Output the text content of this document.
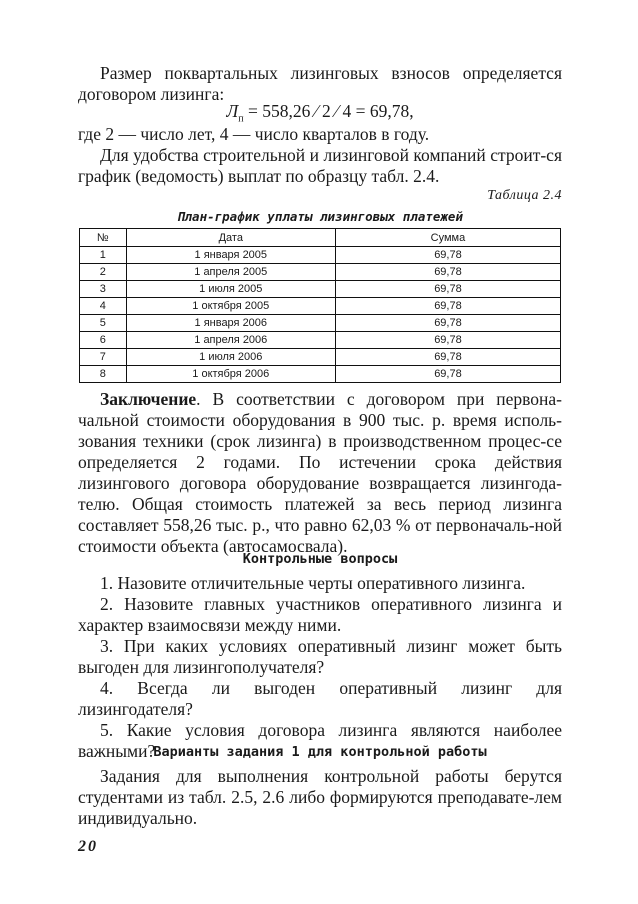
Размер поквартальных лизинговых взносов определяется договором лизинга:

$Л_п = 558,26$ ⁄ 2 ⁄ 4 = 69,78,

где 2 — число лет, 4 — число кварталов в году.

Для удобства строительной и лизинговой компаний строит-ся график (ведомость) выплат по образцу табл. 2.4.

Таблица 2.4

План-график уплаты лизинговых платежей

№	Дата	Сумма
1	1 января 2005	69,78
2	1 апреля 2005	69,78
3	1 июля 2005	69,78
4	1 октября 2005	69,78
5	1 января 2006	69,78
6	1 апреля 2006	69,78
7	1 июля 2006	69,78
8	1 октября 2006	69,78

Заключение. В соответствии с договором при первона-чальной стоимости оборудования в 900 тыс. р. время исполь-зования техники (срок лизинга) в производственном процес-се определяется 2 годами. По истечении срока действия лизингового договора оборудование возвращается лизингода-телю. Общая стоимость платежей за весь период лизинга составляет 558,26 тыс. р., что равно 62,03 % от первоначаль-ной стоимости объекта (автосамосвала).

Контрольные вопросы

1. Назовите отличительные черты оперативного лизинга.

2. Назовите главных участников оперативного лизинга и характер взаимосвязи между ними.

3. При каких условиях оперативный лизинг может быть выгоден для лизингополучателя?

4. Всегда ли выгоден оперативный лизинг для лизингодателя?

5. Какие условия договора лизинга являются наиболее важными?

Варианты задания 1 для контрольной работы

Задания для выполнения контрольной работы берутся студентами из табл. 2.5, 2.6 либо формируются преподавате-лем индивидуально.

20
